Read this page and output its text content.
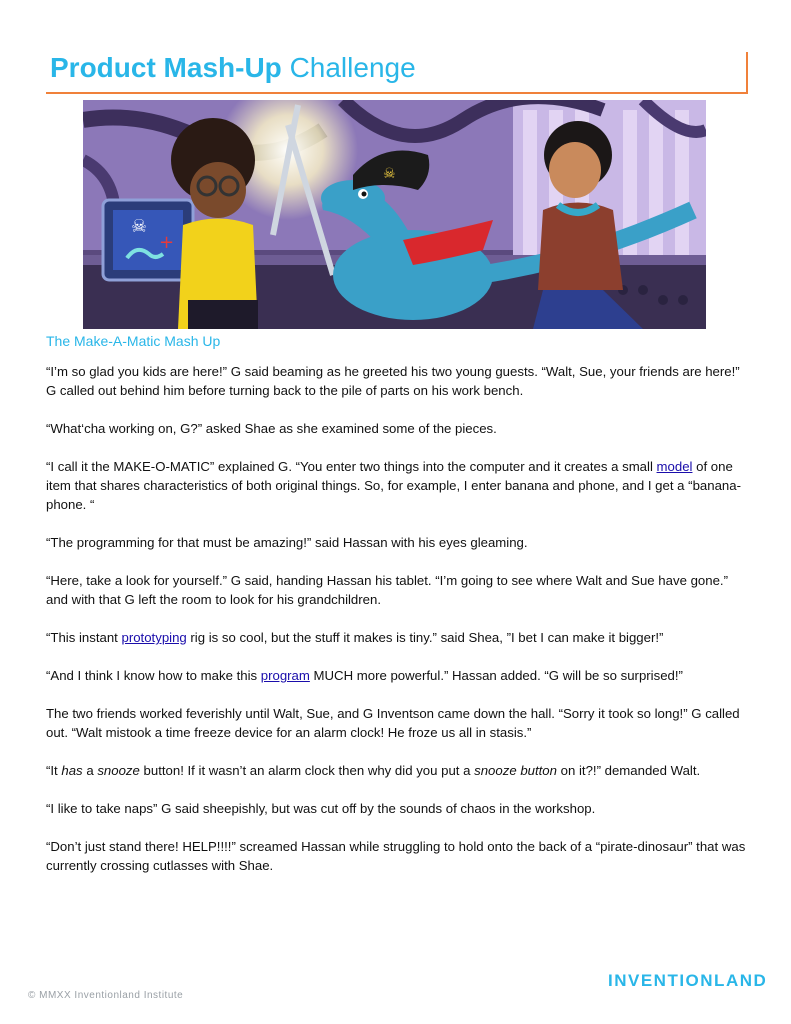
Product Mash-Up Challenge
☠
+
☠
The Make-A-Matic Mash Up

“I’m so glad you kids are here!” G said beaming as he greeted his two young guests. “Walt, Sue, your friends are here!” G called out behind him before turning back to the pile of parts on his work bench.

“What‘cha working on, G?” asked Shae as she examined some of the pieces.

“I call it the MAKE-O-MATIC” explained G. “You enter two things into the computer and it creates a small model of one item that shares characteristics of both original things. So, for example, I enter banana and phone, and I get a “banana-phone. “

“The programming for that must be amazing!” said Hassan with his eyes gleaming.

“Here, take a look for yourself.” G said, handing Hassan his tablet. “I’m going to see where Walt and Sue have gone.” and with that G left the room to look for his grandchildren.

“This instant prototyping rig is so cool, but the stuff it makes is tiny.” said Shea, ”I bet I can make it bigger!”

“And I think I know how to make this program MUCH more powerful.” Hassan added. “G will be so surprised!”

The two friends worked feverishly until Walt, Sue, and G Inventson came down the hall. “Sorry it took so long!” G called out. “Walt mistook a time freeze device for an alarm clock! He froze us all in stasis.”

“It has a snooze button! If it wasn’t an alarm clock then why did you put a snooze button on it?!” demanded Walt.

“I like to take naps” G said sheepishly, but was cut off by the sounds of chaos in the workshop.

“Don’t just stand there! HELP!!!!” screamed Hassan while struggling to hold onto the back of a “pirate-dinosaur” that was currently crossing cutlasses with Shae.

© MMXX Inventionland Institute
INVENTIONLAND
